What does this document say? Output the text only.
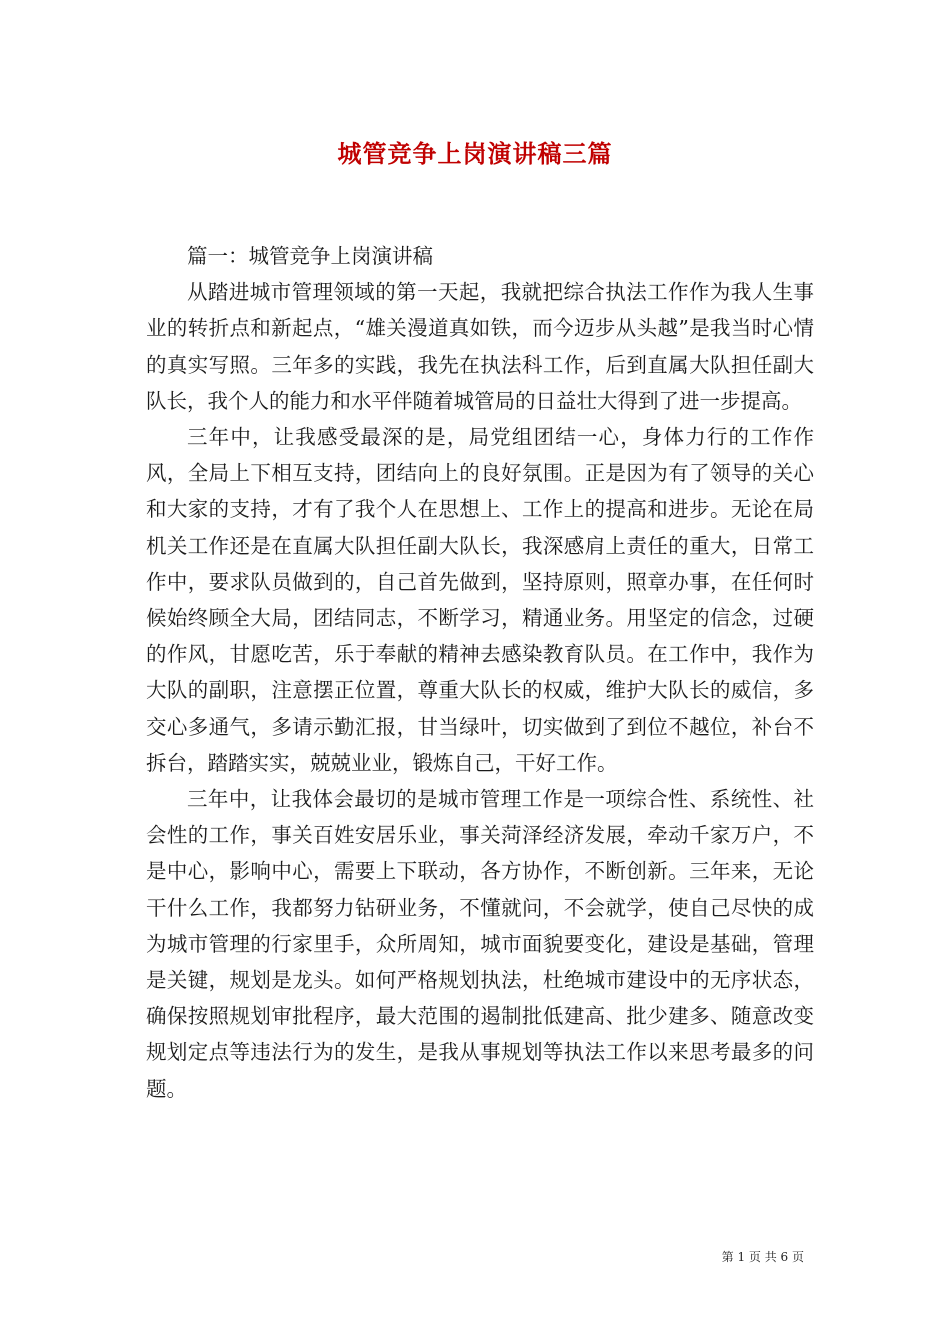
城管竞争上岗演讲稿三篇

篇一：城管竞争上岗演讲稿

从踏进城市管理领域的第一天起，我就把综合执法工作作为我人生事业的转折点和新起点，“雄关漫道真如铁，而今迈步从头越”是我当时心情的真实写照。三年多的实践，我先在执法科工作，后到直属大队担任副大队长，我个人的能力和水平伴随着城管局的日益壮大得到了进一步提高。

三年中，让我感受最深的是，局党组团结一心，身体力行的工作作风，全局上下相互支持，团结向上的良好氛围。正是因为有了领导的关心和大家的支持，才有了我个人在思想上、工作上的提高和进步。无论在局机关工作还是在直属大队担任副大队长，我深感肩上责任的重大，日常工作中，要求队员做到的，自己首先做到，坚持原则，照章办事，在任何时候始终顾全大局，团结同志，不断学习，精通业务。用坚定的信念，过硬的作风，甘愿吃苦，乐于奉献的精神去感染教育队员。在工作中，我作为大队的副职，注意摆正位置，尊重大队长的权威，维护大队长的威信，多交心多通气，多请示勤汇报，甘当绿叶，切实做到了到位不越位，补台不拆台，踏踏实实，兢兢业业，锻炼自己，干好工作。

三年中，让我体会最切的是城市管理工作是一项综合性、系统性、社会性的工作，事关百姓安居乐业，事关菏泽经济发展，牵动千家万户，不是中心，影响中心，需要上下联动，各方协作，不断创新。三年来，无论干什么工作，我都努力钻研业务，不懂就问，不会就学，使自己尽快的成为城市管理的行家里手，众所周知，城市面貌要变化，建设是基础，管理是关键，规划是龙头。如何严格规划执法，杜绝城市建设中的无序状态，确保按照规划审批程序，最大范围的遏制批低建高、批少建多、随意改变规划定点等违法行为的发生，是我从事规划等执法工作以来思考最多的问题。

第 1 页 共 6 页
